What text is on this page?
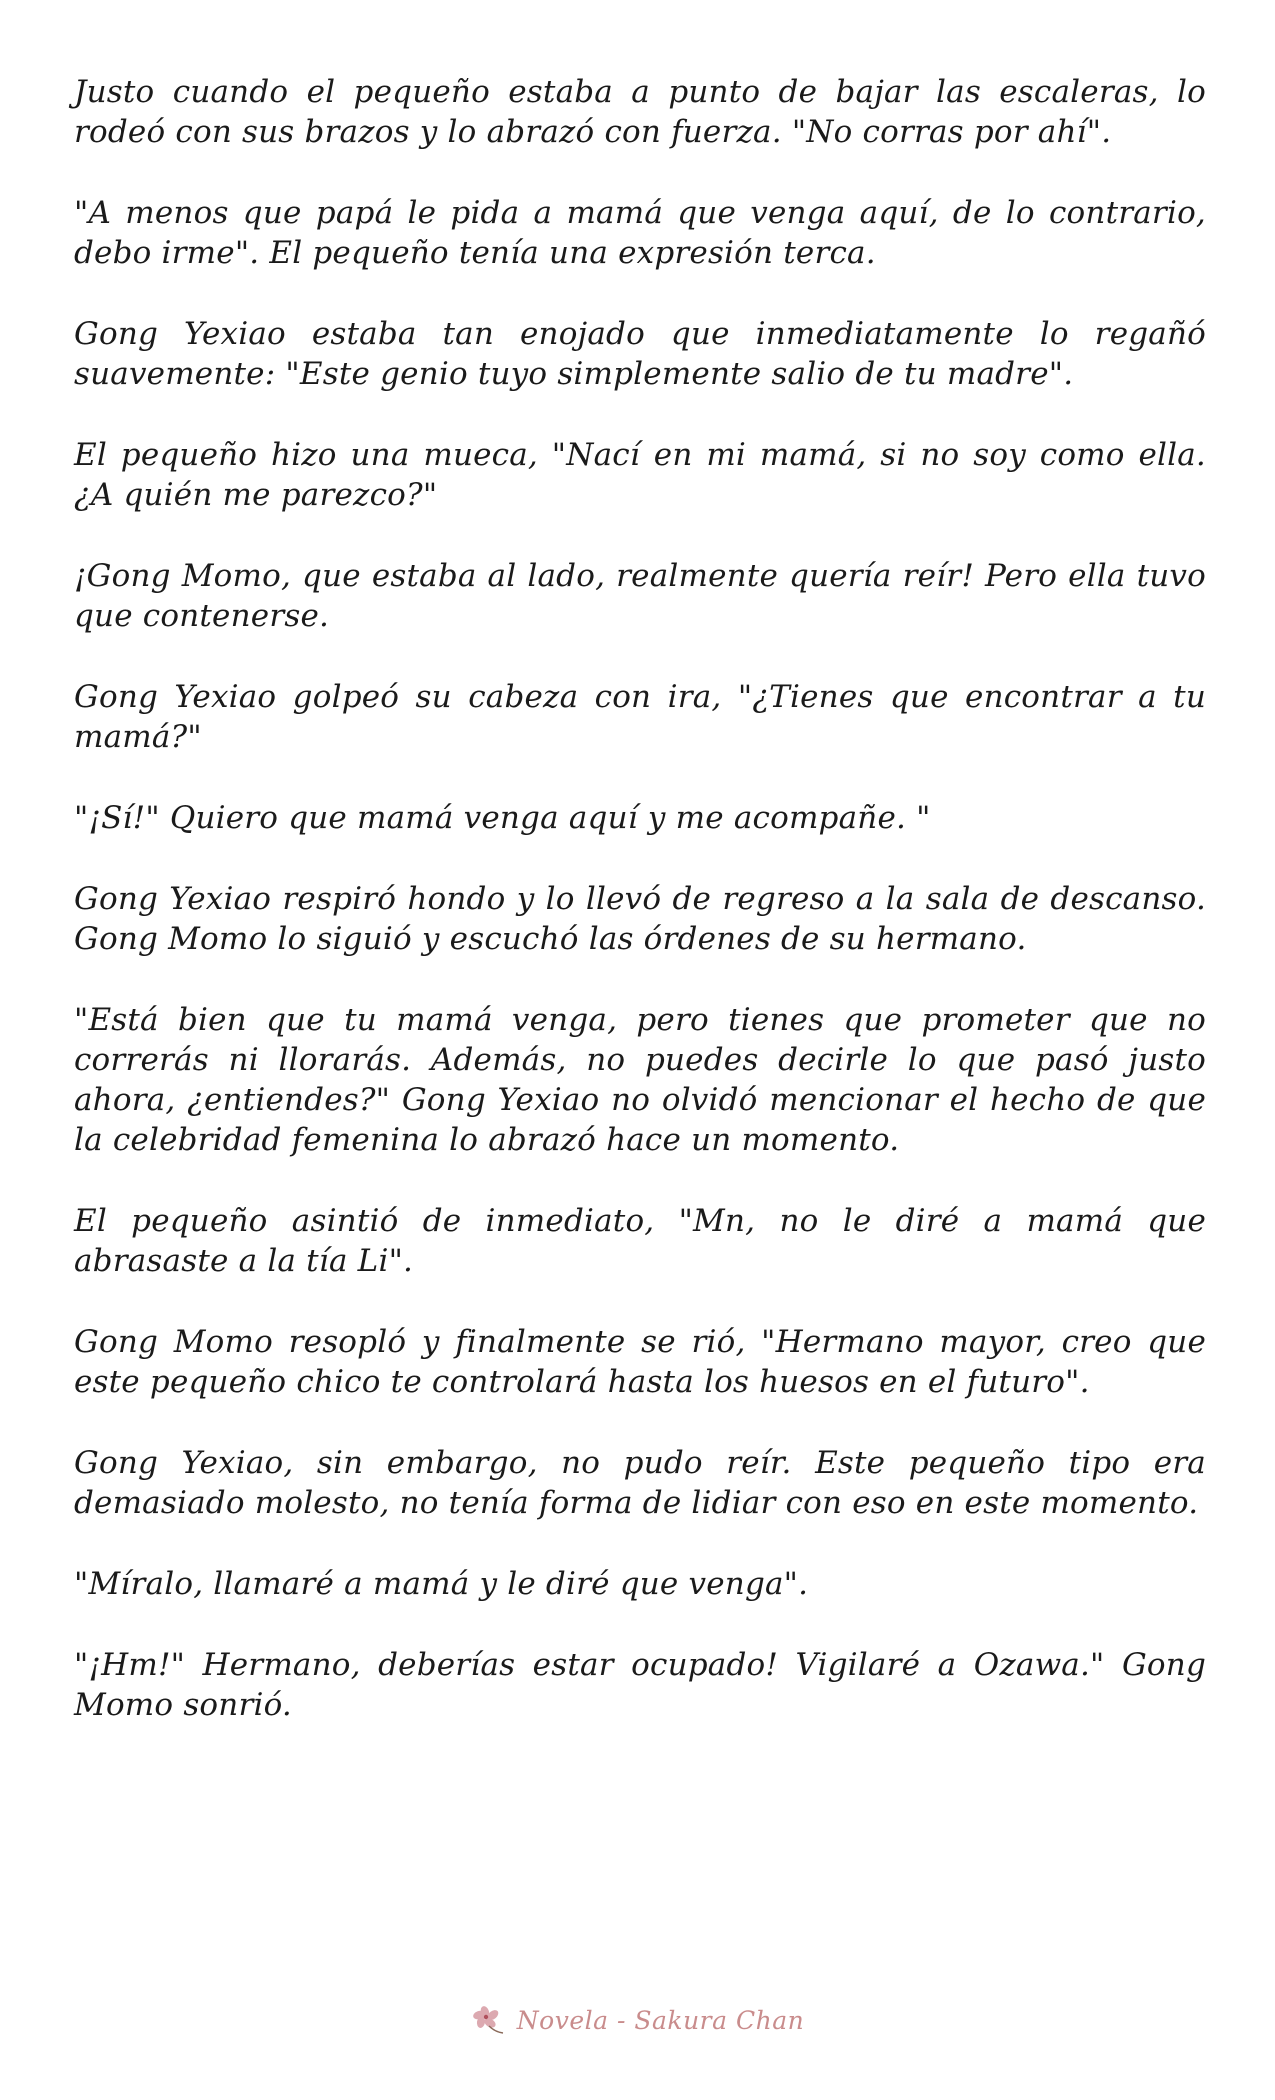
Justo cuando el pequeño estaba a punto de bajar las escaleras, lo rodeó con sus brazos y lo abrazó con fuerza. "No corras por ahí".

"A menos que papá le pida a mamá que venga aquí, de lo contrario, debo irme". El pequeño tenía una expresión terca.

Gong Yexiao estaba tan enojado que inmediatamente lo regañó suavemente: "Este genio tuyo simplemente salio de tu madre".

El pequeño hizo una mueca, "Nací en mi mamá, si no soy como ella. ¿A quién me parezco?"

¡Gong Momo, que estaba al lado, realmente quería reír! Pero ella tuvo que contenerse.

Gong Yexiao golpeó su cabeza con ira, "¿Tienes que encontrar a tu mamá?"

"¡Sí!" Quiero que mamá venga aquí y me acompañe. "

Gong Yexiao respiró hondo y lo llevó de regreso a la sala de descanso. Gong Momo lo siguió y escuchó las órdenes de su hermano.

"Está bien que tu mamá venga, pero tienes que prometer que no correrás ni llorarás. Además, no puedes decirle lo que pasó justo ahora, ¿entiendes?" Gong Yexiao no olvidó mencionar el hecho de que la celebridad femenina lo abrazó hace un momento.

El pequeño asintió de inmediato, "Mn, no le diré a mamá que abrasaste a la tía Li".

Gong Momo resopló y finalmente se rió, "Hermano mayor, creo que este pequeño chico te controlará hasta los huesos en el futuro".

Gong Yexiao, sin embargo, no pudo reír. Este pequeño tipo era demasiado molesto, no tenía forma de lidiar con eso en este momento.

"Míralo, llamaré a mamá y le diré que venga".

"¡Hm!" Hermano, deberías estar ocupado! Vigilaré a Ozawa." Gong Momo sonrió.

Novela - Sakura Chan
